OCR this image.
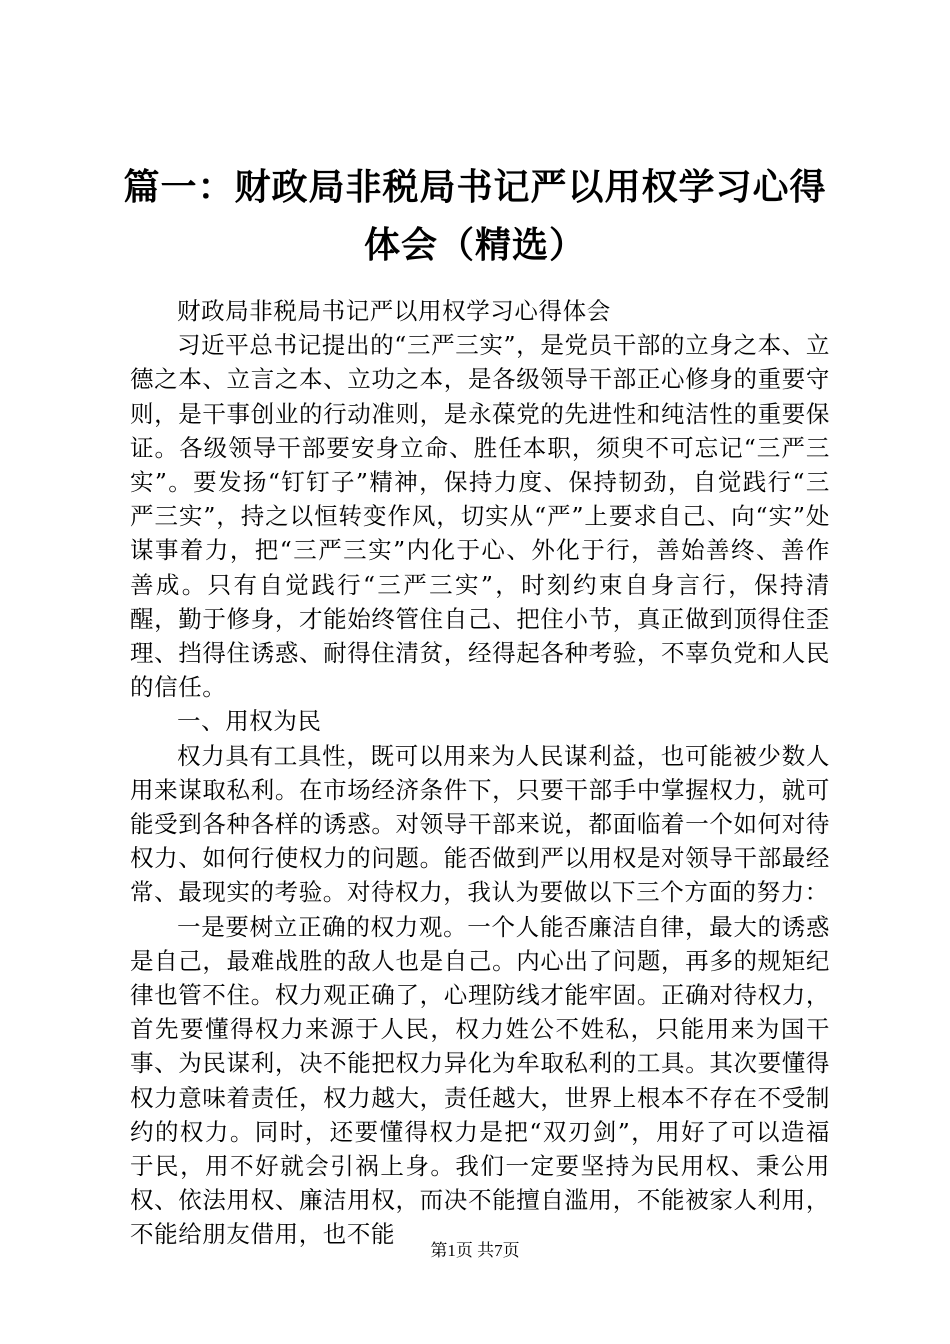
篇一：财政局非税局书记严以用权学习心得体会（精选）

财政局非税局书记严以用权学习心得体会

习近平总书记提出的“三严三实”，是党员干部的立身之本、立德之本、立言之本、立功之本，是各级领导干部正心修身的重要守则，是干事创业的行动准则，是永葆党的先进性和纯洁性的重要保证。各级领导干部要安身立命、胜任本职，须臾不可忘记“三严三实”。要发扬“钉钉子”精神，保持力度、保持韧劲，自觉践行“三严三实”，持之以恒转变作风，切实从“严”上要求自己、向“实”处谋事着力，把“三严三实”内化于心、外化于行，善始善终、善作善成。只有自觉践行“三严三实”，时刻约束自身言行，保持清醒，勤于修身，才能始终管住自己、把住小节，真正做到顶得住歪理、挡得住诱惑、耐得住清贫，经得起各种考验，不辜负党和人民的信任。

一、用权为民

权力具有工具性，既可以用来为人民谋利益，也可能被少数人用来谋取私利。在市场经济条件下，只要干部手中掌握权力，就可能受到各种各样的诱惑。对领导干部来说，都面临着一个如何对待权力、如何行使权力的问题。能否做到严以用权是对领导干部最经常、最现实的考验。对待权力，我认为要做以下三个方面的努力：

一是要树立正确的权力观。一个人能否廉洁自律，最大的诱惑是自己，最难战胜的敌人也是自己。内心出了问题，再多的规矩纪律也管不住。权力观正确了，心理防线才能牢固。正确对待权力，首先要懂得权力来源于人民，权力姓公不姓私，只能用来为国干事、为民谋利，决不能把权力异化为牟取私利的工具。其次要懂得权力意味着责任，权力越大，责任越大，世界上根本不存在不受制约的权力。同时，还要懂得权力是把“双刃剑”，用好了可以造福于民，用不好就会引祸上身。我们一定要坚持为民用权、秉公用权、依法用权、廉洁用权，而决不能擅自滥用，不能被家人利用，不能给朋友借用，也不能

第1页 共7页
